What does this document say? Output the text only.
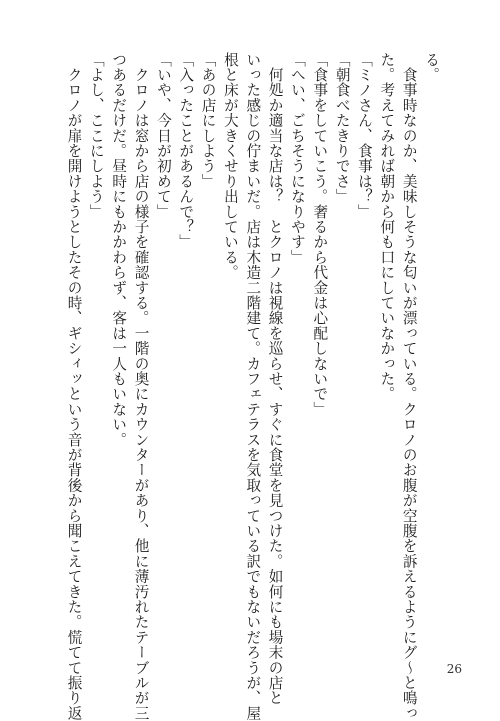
る。

　食事時なのか、美味しそうな匂いが漂っている。クロノのお腹が空腹を訴えるようにグ～と鳴っ

た。考えてみれば朝から何も口にしていなかった。

「ミノさん、食事は？」

「朝食べたきりでさ」

「食事をしていこう。奢るから代金は心配しないで」

「へい、ごちそうになりやす」

　何処か適当な店は？　とクロノは視線を巡らせ、すぐに食堂を見つけた。如何にも場末の店と

いった感じの佇まいだ。店は木造二階建て。カフェテラスを気取っている訳でもないだろうが、屋

根と床が大きくせり出している。

「あの店にしよう」

「入ったことがあるんで？」

「いや、今日が初めて」

　クロノは窓から店の様子を確認する。一階の奥にカウンターがあり、他に薄汚れたテーブルが三

つあるだけだ。昼時にもかかわらず、客は一人もいない。

「よし、ここにしよう」

　クロノが扉を開けようとしたその時、ギシィッという音が背後から聞こえてきた。慌てて振り返	26
